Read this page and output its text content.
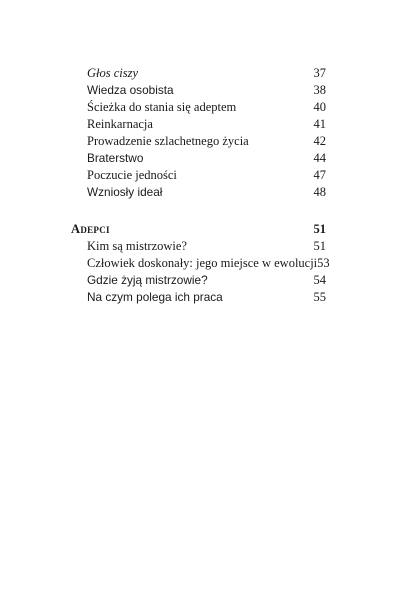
Głos ciszy	37
Wiedza osobista	38
Ścieżka do stania się adeptem	40
Reinkarnacja	41
Prowadzenie szlachetnego życia	42
Braterstwo	44
Poczucie jedności	47
Wzniosły ideał	48
Adepci	51
Kim są mistrzowie?	51
Człowiek doskonały: jego miejsce w ewolucji 53
Gdzie żyją mistrzowie?	54
Na czym polega ich praca	55
